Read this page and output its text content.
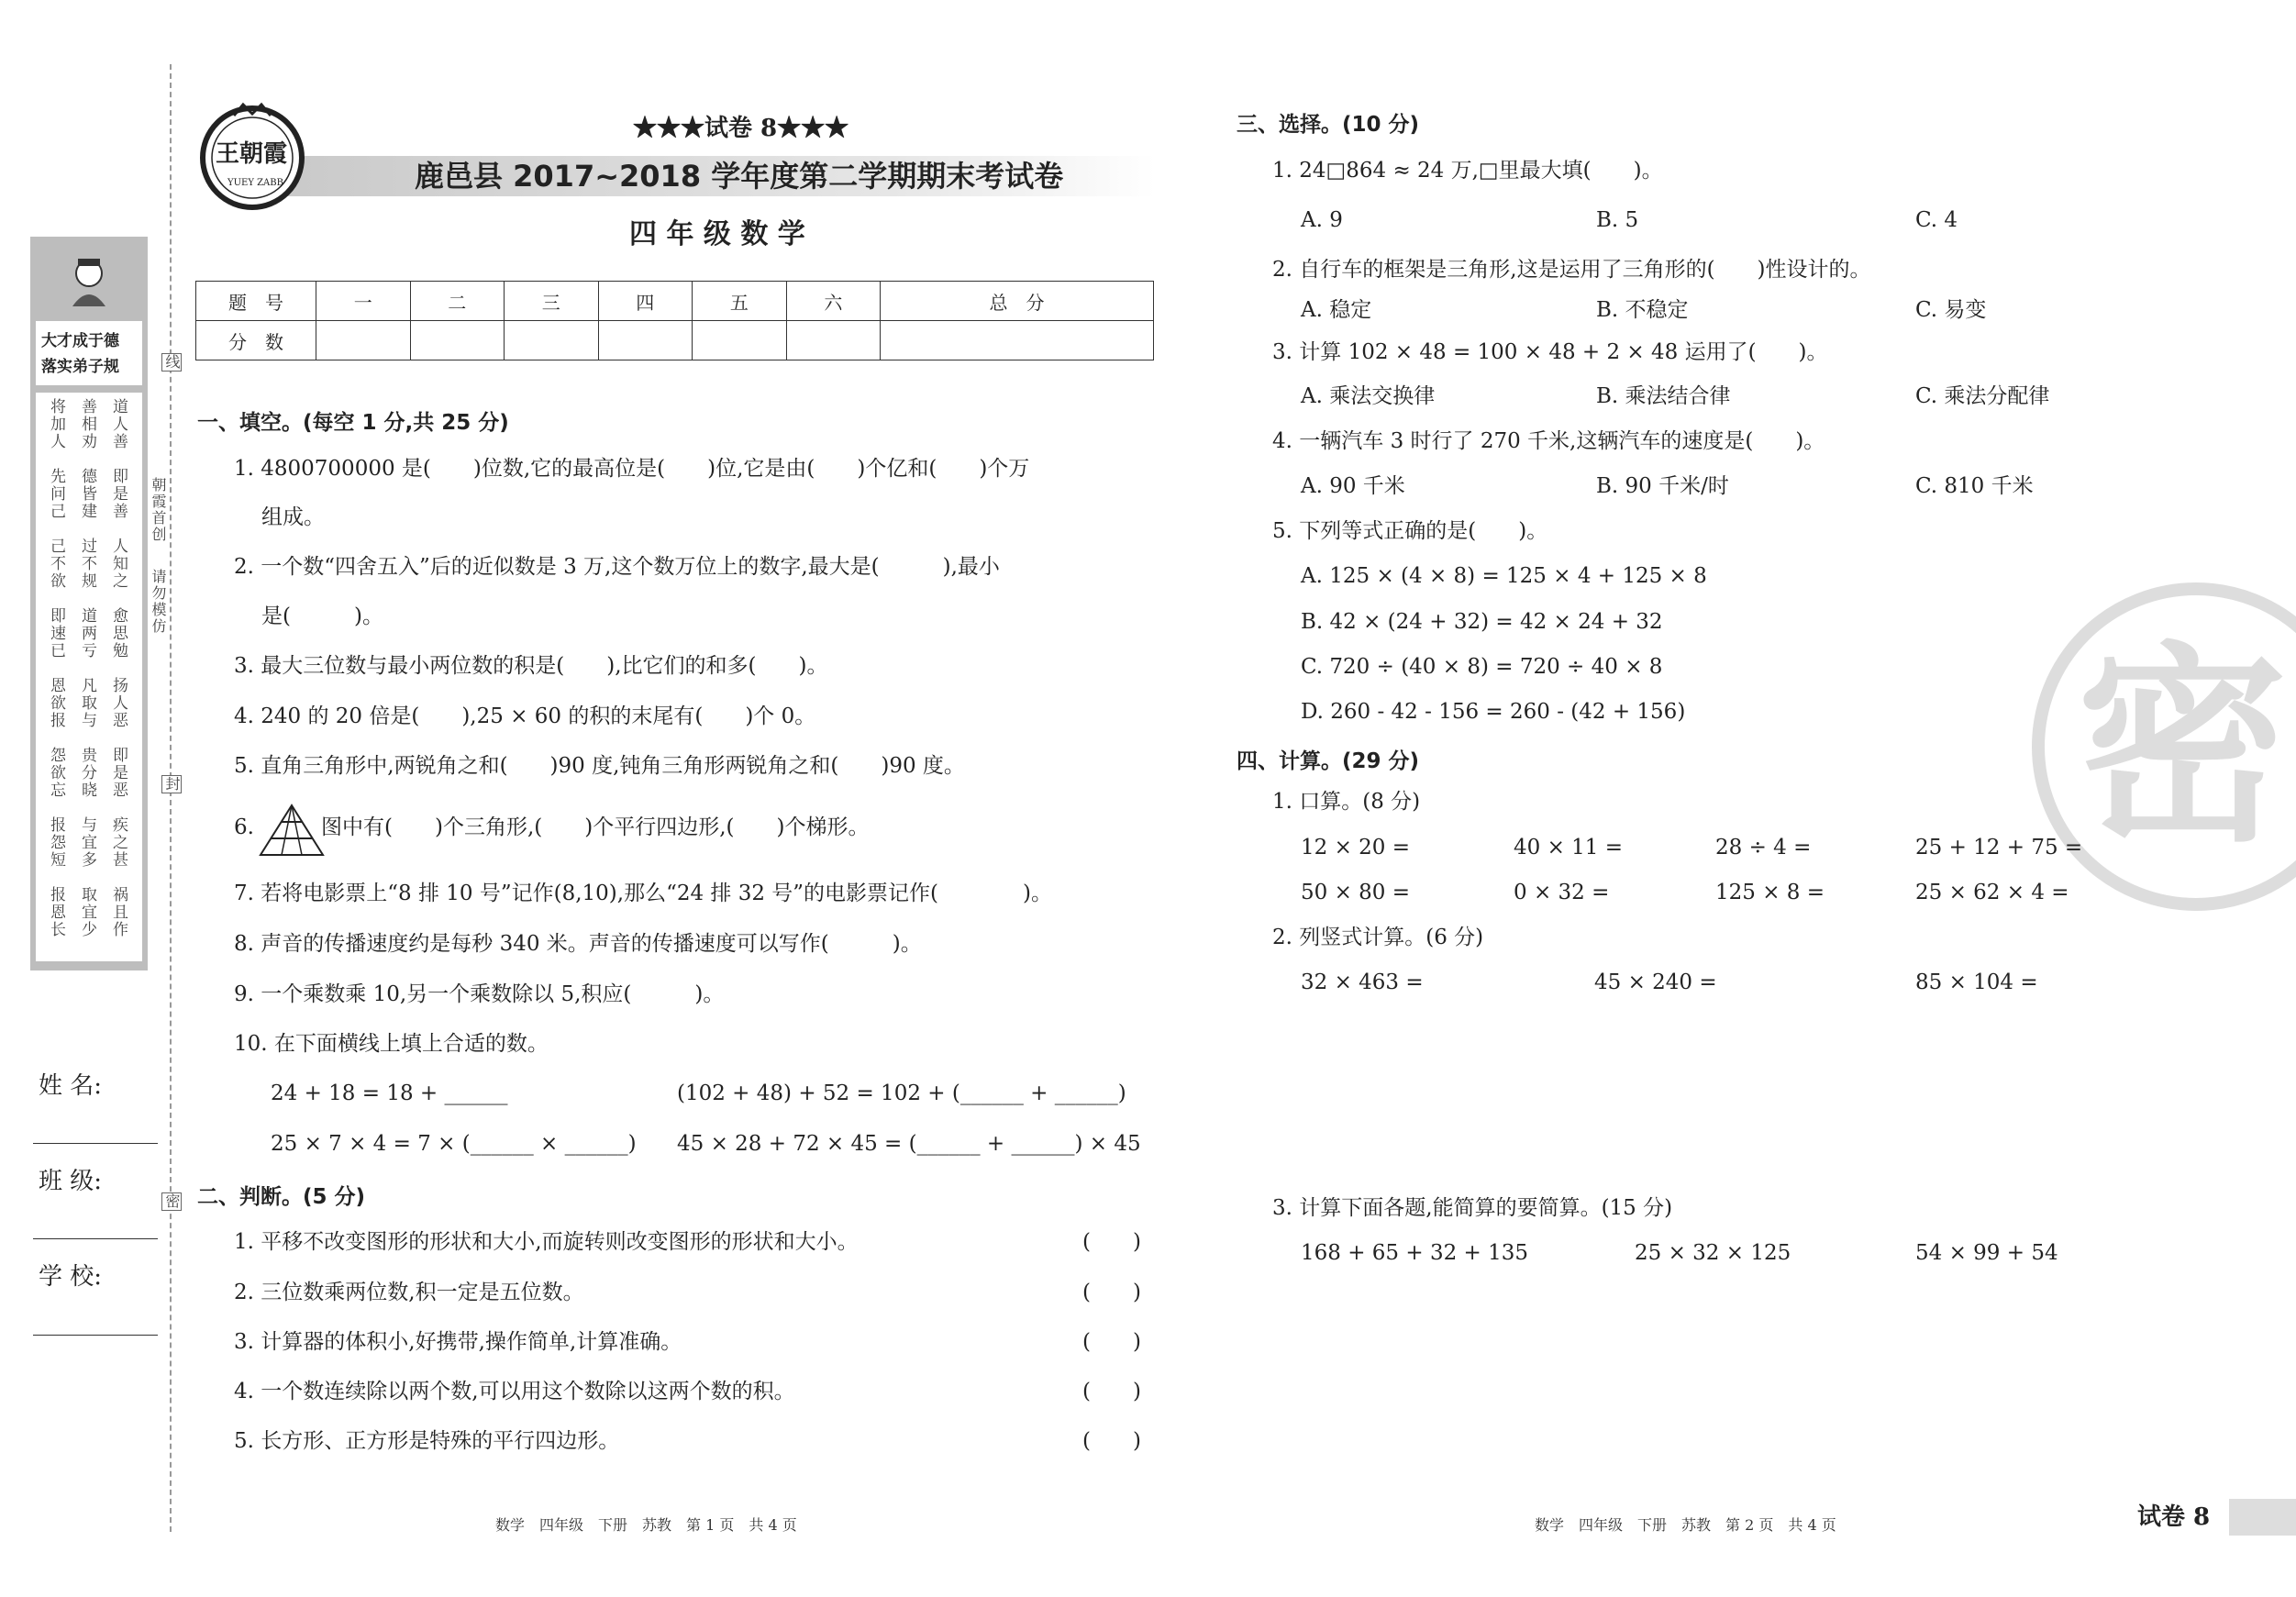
大才成于德
落实弟子规
道人善
即是善
人知之
愈思勉
扬人恶
即是恶
疾之甚
祸且作
善相劝
德皆建
过不规
道两亏
凡取与
贵分晓
与宜多
取宜少
将加人
先问己
己不欲
即速已
恩欲报
怨欲忘
报怨短
报恩长
朝霞首创
请勿模仿
线
封
密
姓 名:
班 级:
学 校:
王朝霞
YUEY ZABB
★★★试卷 8★★★
鹿邑县 2017~2018 学年度第二学期期末考试卷
四 年 级 数 学
题　号	一	二	三	四	五	六	总　分
分　数							
一、填空。(每空 1 分,共 25 分)
1. 4800700000 是(　　)位数,它的最高位是(　　)位,它是由(　　)个亿和(　　)个万
组成。
2. 一个数“四舍五入”后的近似数是 3 万,这个数万位上的数字,最大是(　　　),最小
是(　　　)。
3. 最大三位数与最小两位数的积是(　　),比它们的和多(　　)。
4. 240 的 20 倍是(　　),25 × 60 的积的末尾有(　　)个 0。
5. 直角三角形中,两锐角之和(　　)90 度,钝角三角形两锐角之和(　　)90 度。
6.	图中有(　　)个三角形,(　　)个平行四边形,(　　)个梯形。
7. 若将电影票上“8 排 10 号”记作(8,10),那么“24 排 32 号”的电影票记作(　　　　)。
8. 声音的传播速度约是每秒 340 米。声音的传播速度可以写作(　　　)。
9. 一个乘数乘 10,另一个乘数除以 5,积应(　　　)。
10. 在下面横线上填上合适的数。
24 + 18 = 18 + ______	(102 + 48) + 52 = 102 + (______ + ______)
25 × 7 × 4 = 7 × (______ × ______) 45 × 28 + 72 × 45 = (______ + ______) × 45
二、判断。(5 分)
1. 平移不改变图形的形状和大小,而旋转则改变图形的形状和大小。	(　　)
2. 三位数乘两位数,积一定是五位数。	(　　)
3. 计算器的体积小,好携带,操作简单,计算准确。	(　　)
4. 一个数连续除以两个数,可以用这个数除以这两个数的积。	(　　)
5. 长方形、正方形是特殊的平行四边形。	(　　)
数学　四年级　下册　苏教　第 1 页　共 4 页
密
三、选择。(10 分)
1. 24□864 ≈ 24 万,□里最大填(　　)。
A. 9	B. 5	C. 4
2. 自行车的框架是三角形,这是运用了三角形的(　　)性设计的。
A. 稳定	B. 不稳定	C. 易变
3. 计算 102 × 48 = 100 × 48 + 2 × 48 运用了(　　)。
A. 乘法交换律	B. 乘法结合律	C. 乘法分配律
4. 一辆汽车 3 时行了 270 千米,这辆汽车的速度是(　　)。
A. 90 千米	B. 90 千米/时	C. 810 千米
5. 下列等式正确的是(　　)。
A. 125 × (4 × 8) = 125 × 4 + 125 × 8
B. 42 × (24 + 32) = 42 × 24 + 32
C. 720 ÷ (40 × 8) = 720 ÷ 40 × 8
D. 260 - 42 - 156 = 260 - (42 + 156)
四、计算。(29 分)
1. 口算。(8 分)
12 × 20 =	40 × 11 =	28 ÷ 4 =	25 + 12 + 75 =
50 × 80 =	0 × 32 =	125 × 8 =	25 × 62 × 4 =
2. 列竖式计算。(6 分)
32 × 463 =	45 × 240 =	85 × 104 =
3. 计算下面各题,能简算的要简算。(15 分)
168 + 65 + 32 + 135	25 × 32 × 125	54 × 99 + 54
数学　四年级　下册　苏教　第 2 页　共 4 页	试卷 8
